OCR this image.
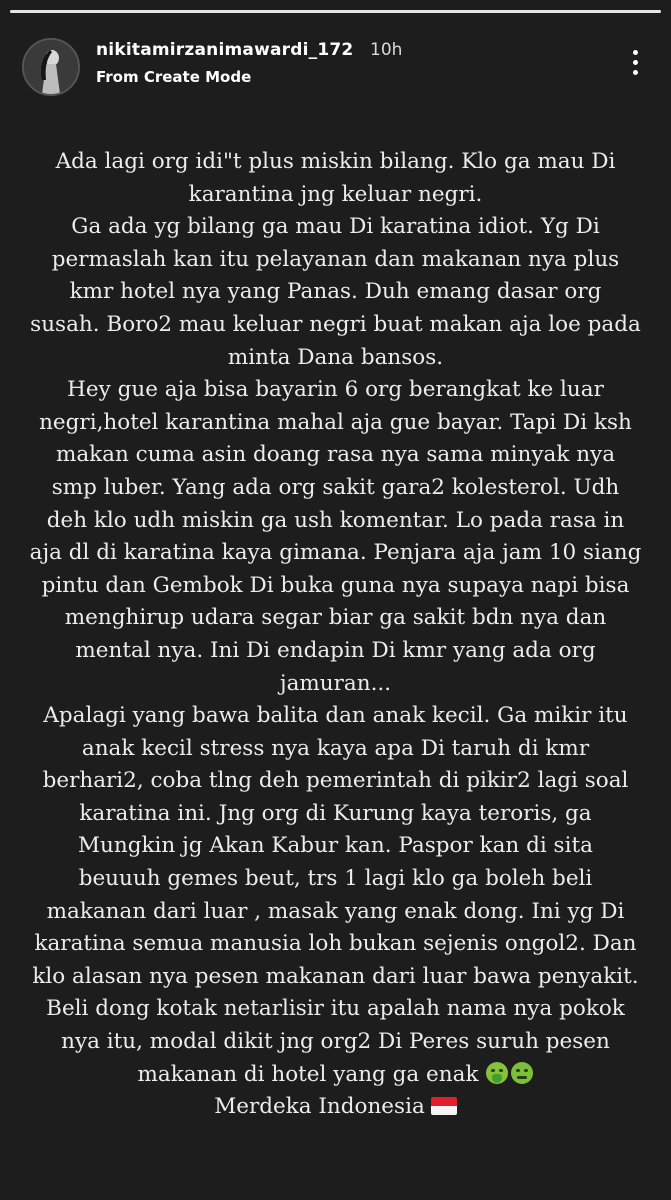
nikitamirzanimawardi_172 10h
From Create Mode
Ada lagi org idi"t plus miskin bilang. Klo ga mau Di
karantina jng keluar negri.
Ga ada yg bilang ga mau Di karatina idiot. Yg Di
permaslah kan itu pelayanan dan makanan nya plus
kmr hotel nya yang Panas. Duh emang dasar org
susah. Boro2 mau keluar negri buat makan aja loe pada
minta Dana bansos.
Hey gue aja bisa bayarin 6 org berangkat ke luar
negri,hotel karantina mahal aja gue bayar. Tapi Di ksh
makan cuma asin doang rasa nya sama minyak nya
smp luber. Yang ada org sakit gara2 kolesterol. Udh
deh klo udh miskin ga ush komentar. Lo pada rasa in
aja dl di karatina kaya gimana. Penjara aja jam 10 siang
pintu dan Gembok Di buka guna nya supaya napi bisa
menghirup udara segar biar ga sakit bdn nya dan
mental nya. Ini Di endapin Di kmr yang ada org
jamuran...
Apalagi yang bawa balita dan anak kecil. Ga mikir itu
anak kecil stress nya kaya apa Di taruh di kmr
berhari2, coba tlng deh pemerintah di pikir2 lagi soal
karatina ini. Jng org di Kurung kaya teroris, ga
Mungkin jg Akan Kabur kan. Paspor kan di sita
beuuuh gemes beut, trs 1 lagi klo ga boleh beli
makanan dari luar , masak yang enak dong. Ini yg Di
karatina semua manusia loh bukan sejenis ongol2. Dan
klo alasan nya pesen makanan dari luar bawa penyakit.
Beli dong kotak netarlisir itu apalah nama nya pokok
nya itu, modal dikit jng org2 Di Peres suruh pesen
makanan di hotel yang ga enak
Merdeka Indonesia
